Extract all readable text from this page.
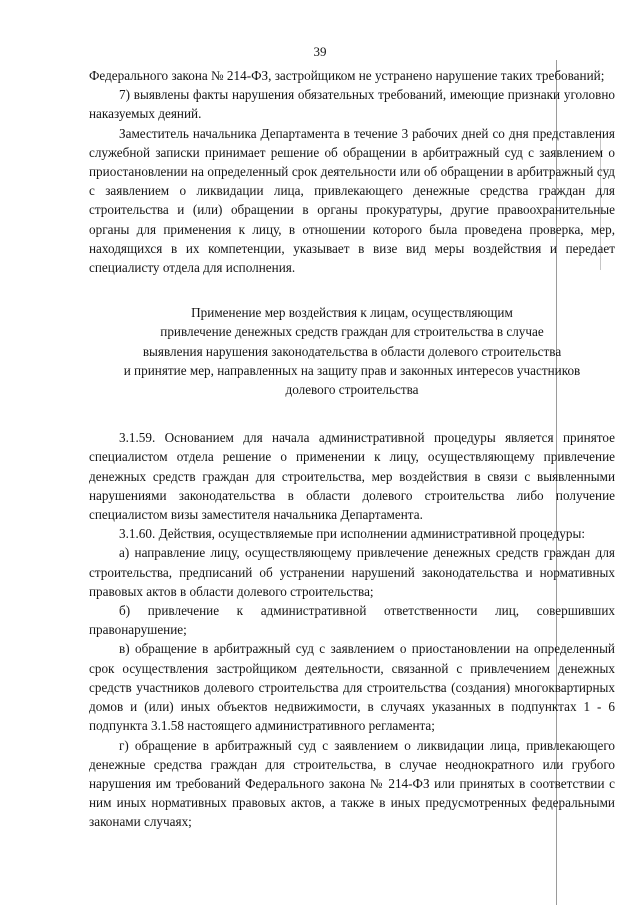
39

Федерального закона № 214-ФЗ, застройщиком не устранено нарушение таких требований;

7) выявлены факты нарушения обязательных требований, имеющие признаки уголовно наказуемых деяний.

Заместитель начальника Департамента в течение 3 рабочих дней со дня представления служебной записки принимает решение об обращении в арбитражный суд с заявлением о приостановлении на определенный срок деятельности или об обращении в арбитражный суд с заявлением о ликвидации лица, привлекающего денежные средства граждан для строительства и (или) обращении в органы прокуратуры, другие правоохранительные органы для применения к лицу, в отношении которого была проведена проверка, мер, находящихся в их компетенции, указывает в визе вид меры воздействия и передает специалисту отдела для исполнения.

Применение мер воздействия к лицам, осуществляющим
привлечение денежных средств граждан для строительства в случае
выявления нарушения законодательства в области долевого строительства
и принятие мер, направленных на защиту прав и законных интересов участников
долевого строительства

3.1.59. Основанием для начала административной процедуры является принятое специалистом отдела решение о применении к лицу, осуществляющему привлечение денежных средств граждан для строительства, мер воздействия в связи с выявленными нарушениями законодательства в области долевого строительства либо получение специалистом визы заместителя начальника Департамента.

3.1.60. Действия, осуществляемые при исполнении административной процедуры:

а) направление лицу, осуществляющему привлечение денежных средств граждан для строительства, предписаний об устранении нарушений законодательства и нормативных правовых актов в области долевого строительства;

б) привлечение к административной ответственности лиц, совершивших правонарушение;

в) обращение в арбитражный суд с заявлением о приостановлении на определенный срок осуществления застройщиком деятельности, связанной с привлечением денежных средств участников долевого строительства для строительства (создания) многоквартирных домов и (или) иных объектов недвижимости, в случаях указанных в подпунктах 1 - 6 подпункта 3.1.58 настоящего административного регламента;

г) обращение в арбитражный суд с заявлением о ликвидации лица, привлекающего денежные средства граждан для строительства, в случае неоднократного или грубого нарушения им требований Федерального закона № 214-ФЗ или принятых в соответствии с ним иных нормативных правовых актов, а также в иных предусмотренных федеральными законами случаях;
